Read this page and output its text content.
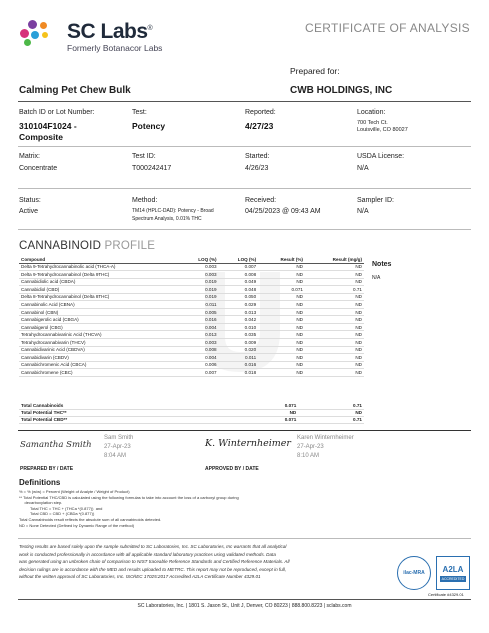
SC Labs®
Formerly Botanacor Labs
CERTIFICATE OF ANALYSIS
Prepared for:
CWB HOLDINGS, INC
Calming Pet Chew Bulk
Batch ID or Lot Number:
310104F1024 -
Composite
Test:
Potency
Reported:
4/27/23
Location:
700 Tech Ct.
Louisville, CO 80027
Matrix:
Concentrate
Test ID:
T000242417
Started:
4/26/23
USDA License:
N/A
Status:
Active
Method:
TM14 (HPLC-DAD): Potency - Broad
Spectrum Analysis, 0.01% THC
Received:
04/25/2023 @ 09:43 AM
Sampler ID:
N/A
CANNABINOID PROFILE
Compound	LOQ (%)	LOQ (%)	Result (%)	Result (mg/g)
Delta 9-Tetrahydrocannabinolic acid (THCA-A)	0.003	0.007	ND	ND
Delta 9-Tetrahydrocannabinol (Delta 9THC)	0.003	0.008	ND	ND
Cannabidiolic acid (CBDA)	0.019	0.049	ND	ND
Cannabidiol (CBD)	0.019	0.048	0.071	0.71
Delta 8-Tetrahydrocannabinol (Delta 8THC)	0.019	0.050	ND	ND
Cannabinolic Acid (CBNA)	0.011	0.029	ND	ND
Cannabinol (CBN)	0.005	0.013	ND	ND
Cannabigerolic acid (CBGA)	0.016	0.042	ND	ND
Cannabigerol (CBG)	0.004	0.010	ND	ND
Tetrahydrocannabivarinic Acid (THCVA)	0.013	0.035	ND	ND
Tetrahydrocannabivarin (THCV)	0.003	0.009	ND	ND
Cannabidivarinic Acid (CBDVA)	0.008	0.020	ND	ND
Cannabidivarin (CBDV)	0.004	0.011	ND	ND
Cannabichromenic Acid (CBCA)	0.006	0.016	ND	ND
Cannabichromene (CBC)	0.007	0.018	ND	ND
Total Cannabinoids			0.071	0.71
Total Potential THC**			ND	ND
Total Potential CBD**			0.071	0.71
Notes
N/A
Samantha Smith
Sam Smith
27-Apr-23
8:04 AM
PREPARED BY / DATE
K. Winternheimer Karen Winternheimer
27-Apr-23
8:10 AM
APPROVED BY / DATE
Definitions
% = % (w/w) = Percent (Weight of Analyte / Weight of Product)
** Total Potential THC/CBD is calculated using the following formulas to take into account the loss of a carboxyl group during
decarboxylation step.
Total THC = THC + (THCa *(0.877))  and
Total CBD = CBD + (CBDa *(0.877))
Total Cannabinoids result reflects the absolute sum of all cannabinoids detected.
ND = None Detected (Defined by Dynamic Range of the method)
Testing results are based solely upon the sample submitted to SC Laboratories, Inc. SC Laboratories, Inc warrants that all analytical
work is conducted professionally in accordance with all applicable standard laboratory practices using validated methods. Data
was generated using an unbroken chain of comparison to NIST traceable Reference Standards and Certified Reference Materials. All
decision rulings are in accordance with the MED and results uploaded to METRC. This report may not be reproduced, except in full,
without the written approval of SC Laboratories, Inc. ISO/IEC 17025:2017 Accredited A2LA Certificate Number 4329.01
ilac-MRA A2LA
ACCREDITED
Certificate #4329.01
SC Laboratories, Inc. | 1801 S. Jason St., Unit J, Denver, CO 80223 | 888.800.8223 | sclabs.com
